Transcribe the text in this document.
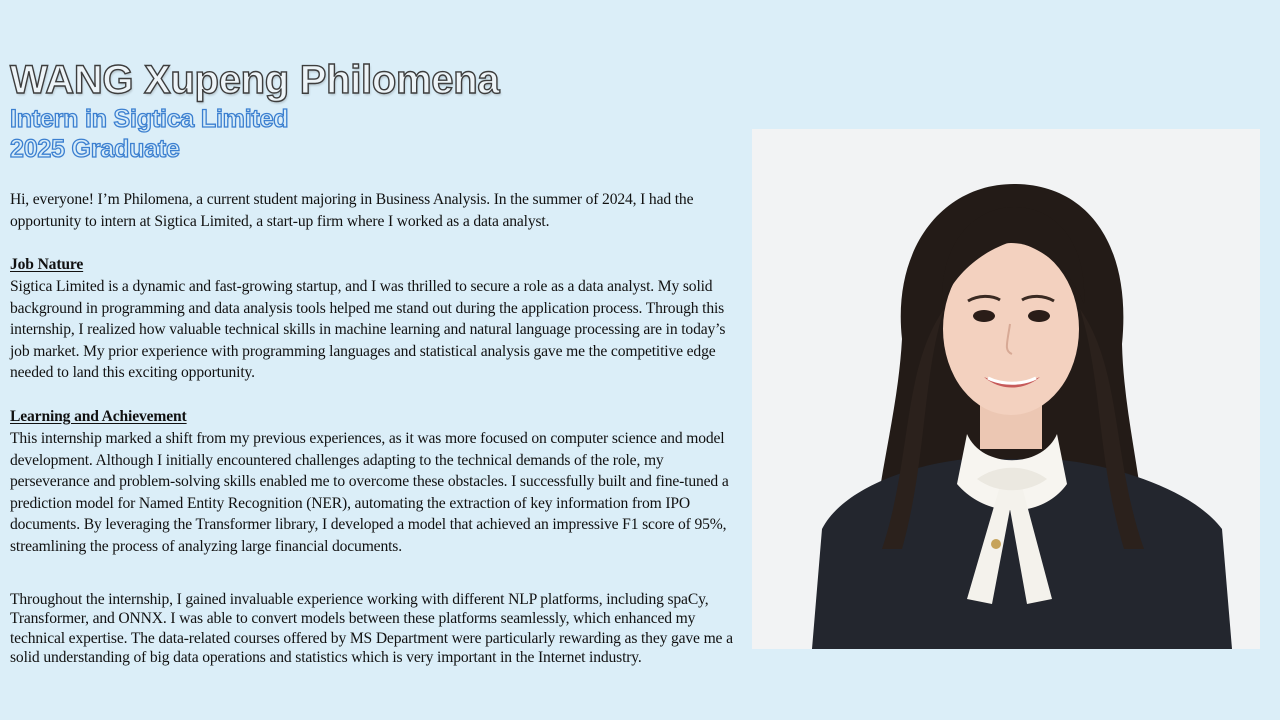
WANG Xupeng Philomena

Intern in Sigtica Limited

2025 Graduate

Hi, everyone! I’m Philomena, a current student majoring in Business Analysis. In the summer of 2024, I had the opportunity to intern at Sigtica Limited, a start-up firm where I worked as a data analyst.

Job Nature

Sigtica Limited is a dynamic and fast-growing startup, and I was thrilled to secure a role as a data analyst. My solid background in programming and data analysis tools helped me stand out during the application process. Through this internship, I realized how valuable technical skills in machine learning and natural language processing are in today’s job market. My prior experience with programming languages and statistical analysis gave me the competitive edge needed to land this exciting opportunity.

Learning and Achievement

This internship marked a shift from my previous experiences, as it was more focused on computer science and model development. Although I initially encountered challenges adapting to the technical demands of the role, my perseverance and problem-solving skills enabled me to overcome these obstacles. I successfully built and fine-tuned a prediction model for Named Entity Recognition (NER), automating the extraction of key information from IPO documents. By leveraging the Transformer library, I developed a model that achieved an impressive F1 score of 95%, streamlining the process of analyzing large financial documents.

Throughout the internship, I gained invaluable experience working with different NLP platforms, including spaCy, Transformer, and ONNX. I was able to convert models between these platforms seamlessly, which enhanced my technical expertise. The data-related courses offered by MS Department were particularly rewarding as they gave me a solid understanding of big data operations and statistics which is very important in the Internet industry.
